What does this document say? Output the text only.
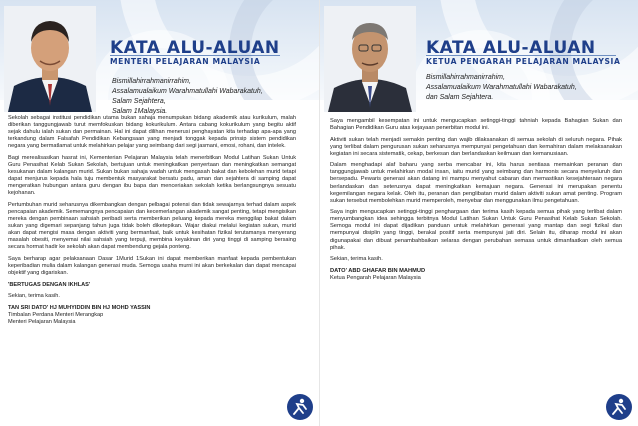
KATA ALU-ALUAN
MENTERI PELAJARAN MALAYSIA
Bismillahirrahmanirrahim,
Assalamualaikum Warahmatullahi Wabarakatuh,
Salam Sejahtera,
Salam 1Malaysia.

Sekolah sebagai institusi pendidikan utama bukan sahaja menumpukan bidang akademik atau kurikulum, malah diberikan tanggungjawab turut memfokuskan bidang kokurikulum. Antara cabang kokurikulum yang begitu aktif sejak dahulu ialah sukan dan permainan. Hal ini dapat dilihan menerusi penghayatan kita terhadap apa-apa yang terkandung dalam Falsafah Pendidikan Kebangsaan yang menjadi tonggak kepada prinsip sistem pendidikan negara yang bermatlamat untuk melahirkan pelajar yang seimbang dari segi jasmani, emosi, rohani, dan intelek.

Bagi merealisasikan hasrat ini, Kementerian Pelajaran Malaysia telah menerbitkan Modul Latihan Sukan Untuk Guru Penasihat Kelab Sukan Sekolah, bertujuan untuk meningkatkan penyertaan dan meningkatkan semangat kesukanan dalam kalangan murid. Sukan bukan sahaja wadah untuk mengasah bakat dan kebolehan murid tetapi dapat menjurus kepada hala tuju membentuk masyarakat bersatu padu, aman dan sejahtera di samping dapat mengeratkan hubungan antara guru dengan ibu bapa dan menceriakan sekolah ketika berlangsungnya sesuatu kejohanan.

Pertumbuhan murid seharusnya dikembangkan dengan pelbagai potensi dan tidak sewajarnya terhad dalam aspek pencapaian akademik. Sememangnya pencapaian dan kecemerlangan akademik sangat penting, tetapi mengisikan mereka dengan pembinaan sahsiah peribadi serta memberikan peluang kepada mereka menggilap bakat dalam sukan yang digemari sepanjang tahun juga tidak boleh diketepikan. Wajar diakui melalui kegiatan sukan, murid akan dapat mengisi masa dengan aktiviti yang bermanfaat, baik untuk kesihatan fizikal terutamanya menyerang masalah obesiti, menyemai nilai sahsiah yang terpuji, membina keyakinan diri yang tinggi di samping bersaing secara hormat hadir ke sekolah akan dapat membendung gejala ponteng.

Saya berharap agar pelaksanaan Dasar 1Murid 1Sukan ini dapat memberikan manfaat kepada pembentukan keperibadian mulia dalam kalangan generasi muda. Semoga usaha murni ini akan berkekalan dan dapat mencapai objektif yang digariskan.

'BERTUGAS DENGAN IKHLAS'

Sekian, terima kasih.

TAN SRI DATO' HJ MUHYIDDIN BIN HJ MOHD YASSIN

Timbalan Perdana Menteri Merangkap

Menteri Pelajaran Malaysia

KATA ALU-ALUAN
KETUA PENGARAH PELAJARAN MALAYSIA
Bismillahirrahmanirrahim,
Assalamualaikum Warahmatullahi Wabarakatuh,
dan Salam Sejahtera.

Saya mengambil kesempatan ini untuk mengucapkan setinggi-tinggi tahniah kepada Bahagian Sukan dan Bahagian Pendidikan Guru atas kejayaan penerbitan modul ini.

Aktiviti sukan telah menjadi semakin penting dan wajib dilaksanakan di semua sekolah di seluruh negara. Pihak yang terlibat dalam pengurusan sukan seharusnya mempunyai pengetahuan dan kemahiran dalam melaksanakan kegiatan ini secara sistematik, cekap, berkesan dan berlandaskan keilmuan dan kemanusiaan.

Dalam menghadapi alaf baharu yang serba mencabar ini, kita harus sentiasa memainkan peranan dan tanggungjawab untuk melahirkan modal insan, iaitu murid yang seimbang dan harmonis secara menyeluruh dan bersepadu. Pewaris generasi akan datang ini mampu menyahut cabaran dan memastikan kesejahteraan negara berlandaskan dan seterusnya dapat meningkatkan kemajuan negara. Generasi ini merupakan penentu kegemilangan negara kelak. Oleh itu, peranan dan penglibatan murid dalam aktiviti sukan amat penting. Program sukan tersebut membolehkan murid memperoleh, menyebar dan menggunakan ilmu pengetahuan.

Saya ingin mengucapkan setinggi-tinggi penghargaan dan terima kasih kepada semua pihak yang terlibat dalam menyumbangkan idea sehingga terbitnya Modul Latihan Sukan Untuk Guru Penasihat Kelab Sukan Sekolah. Semoga modul ini dapat dijadikan panduan untuk melahirkan generasi yang mantap dan segi fizikal dan mempunyai disiplin yang tinggi, berakal positif serta mempunyai jati diri. Selain itu, diharap modul ini akan digunapakai dan dibuat penambahbaikan selaras dengan perubahan semasa untuk dimanfaatkan oleh semua pihak.

Sekian, terima kasih.

DATO' ABD GHAFAR BIN MAHMUD

Ketua Pengarah Pelajaran Malaysia
